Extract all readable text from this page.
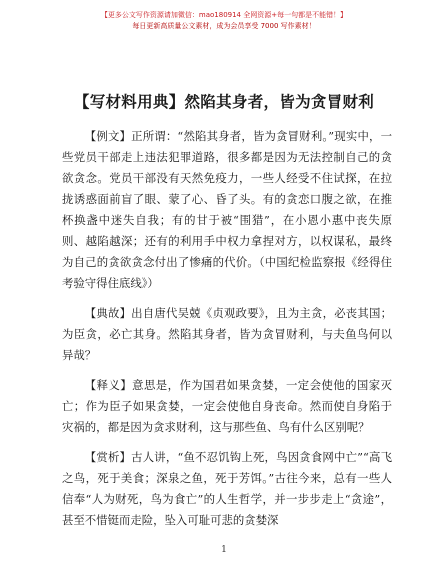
【更多公文写作资源请加微信：mao180914 全网资源+每一句都是不能错！】
每日更新高质量公文素材，成为会员享受 7000 写作素材！
【写材料用典】然陷其身者，皆为贪冒财利

【例文】正所谓：“然陷其身者，皆为贪冒财利。”现实中，一些党员干部走上违法犯罪道路，很多都是因为无法控制自己的贪欲贪念。党员干部没有天然免疫力，一些人经受不住试探，在拉拢诱惑面前盲了眼、蒙了心、昏了头。有的贪恋口腹之欲，在推杯换盏中迷失自我；有的甘于被“围猎”，在小恩小惠中丧失原则、越陷越深；还有的利用手中权力拿捏对方，以权谋私，最终为自己的贪欲贪念付出了惨痛的代价。（中国纪检监察报《经得住考验守得住底线》）

【典故】出自唐代吴兢《贞观政要》，且为主贪，必丧其国；为臣贪，必亡其身。然陷其身者，皆为贪冒财利，与夫鱼鸟何以异哉？

【释义】意思是，作为国君如果贪婪，一定会使他的国家灭亡；作为臣子如果贪婪，一定会使他自身丧命。然而使自身陷于灾祸的，都是因为贪求财利，这与那些鱼、鸟有什么区别呢？

【赏析】古人讲，“鱼不忍饥钩上死，鸟因贪食网中亡”“高飞之鸟，死于美食；深泉之鱼，死于芳饵。”古往今来，总有一些人信奉“人为财死，鸟为食亡”的人生哲学，并一步步走上“贪途”，甚至不惜铤而走险，坠入可耻可悲的贪婪深

1
